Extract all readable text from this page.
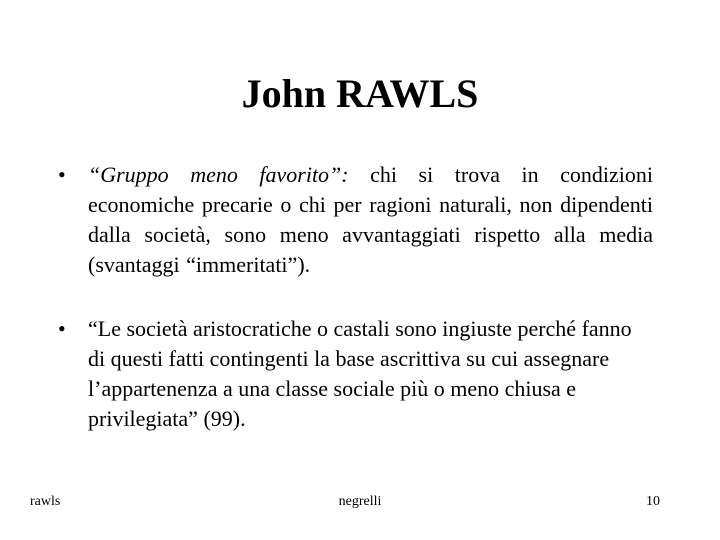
John RAWLS
• “Gruppo meno favorito”: chi si trova in condizioni economiche precarie o chi per ragioni naturali, non dipendenti dalla società, sono meno avvantaggiati rispetto alla media (svantaggi “immeritati”).
• “Le società aristocratiche o castali sono ingiuste perché fanno di questi fatti contingenti la base ascrittiva su cui assegnare l’appartenenza a una classe sociale più o meno chiusa e privilegiata” (99).
rawls	negrelli	10
